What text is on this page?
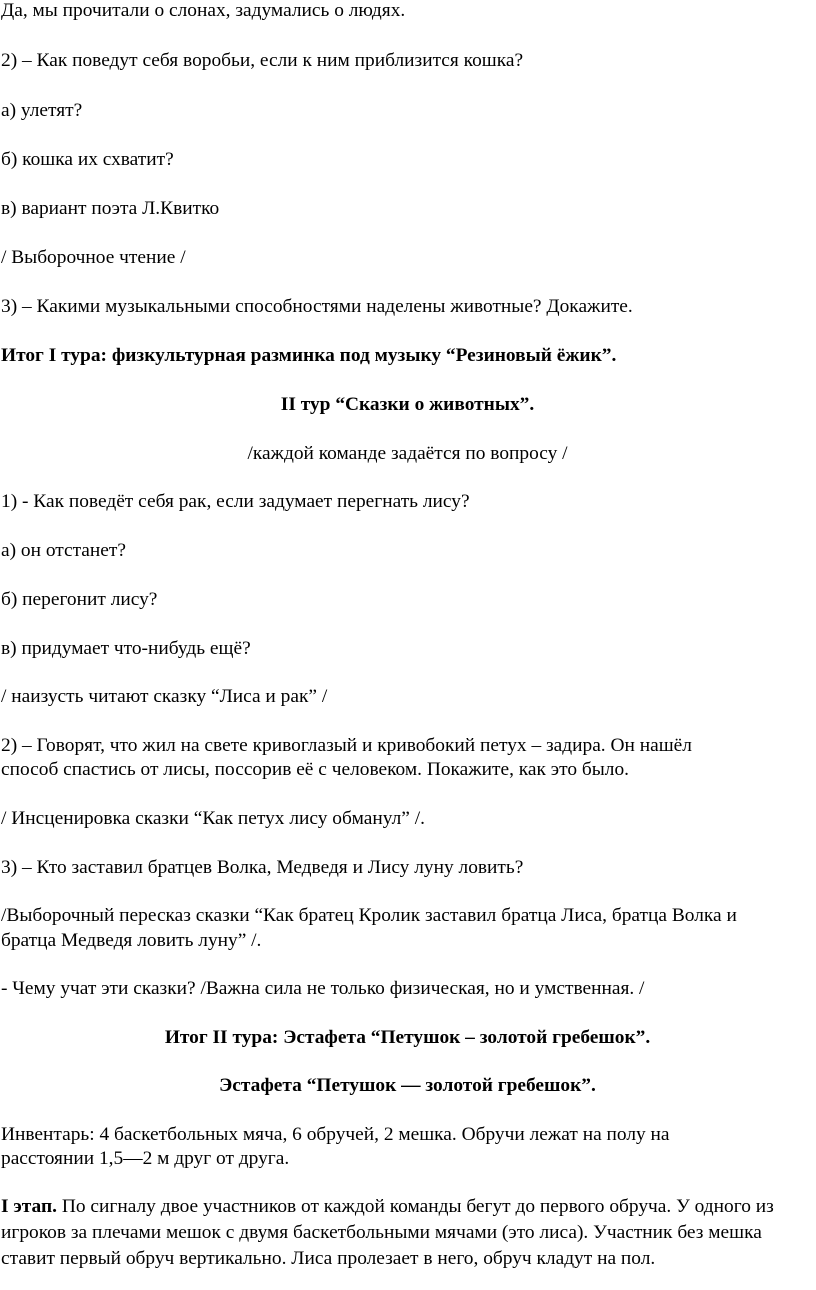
Да, мы прочитали о слонах, задумались о людях.

2) – Как поведут себя воробьи, если к ним приблизится кошка?

а) улетят?

б) кошка их схватит?

в) вариант поэта Л.Квитко

/ Выборочное чтение /

3) – Какими музыкальными способностями наделены животные? Докажите.

Итог I тура: физкультурная разминка под музыку “Резиновый ёжик”.

II тур “Сказки о животных”.

/каждой команде задаётся по вопросу /

1) - Как поведёт себя рак, если задумает перегнать лису?

а) он отстанет?

б) перегонит лису?

в) придумает что-нибудь ещё?

/ наизусть читают сказку “Лиса и рак” /

2) – Говорят, что жил на свете кривоглазый и кривобокий петух – задира. Он нашёл

способ спастись от лисы, поссорив её с человеком. Покажите, как это было.

/ Инсценировка сказки “Как петух лису обманул” /.

3) – Кто заставил братцев Волка, Медведя и Лису луну ловить?

/Выборочный пересказ сказки “Как братец Кролик заставил братца Лиса, братца Волка и

братца Медведя ловить луну” /.

- Чему учат эти сказки? /Важна сила не только физическая, но и умственная. /

Итог II тура: Эстафета “Петушок – золотой гребешок”.

Эстафета “Петушок — золотой гребешок”.

Инвентарь: 4 баскетбольных мяча, 6 обручей, 2 мешка. Обручи лежат на полу на

расстоянии 1,5—2 м друг от друга.

I этап. По сигналу двое участников от каждой команды бегут до первого обруча. У одного из игроков за плечами мешок с двумя баскетбольными мячами (это лиса). Участник без мешка ставит первый обруч вертикально. Лиса пролезает в него, обруч кладут на пол.
